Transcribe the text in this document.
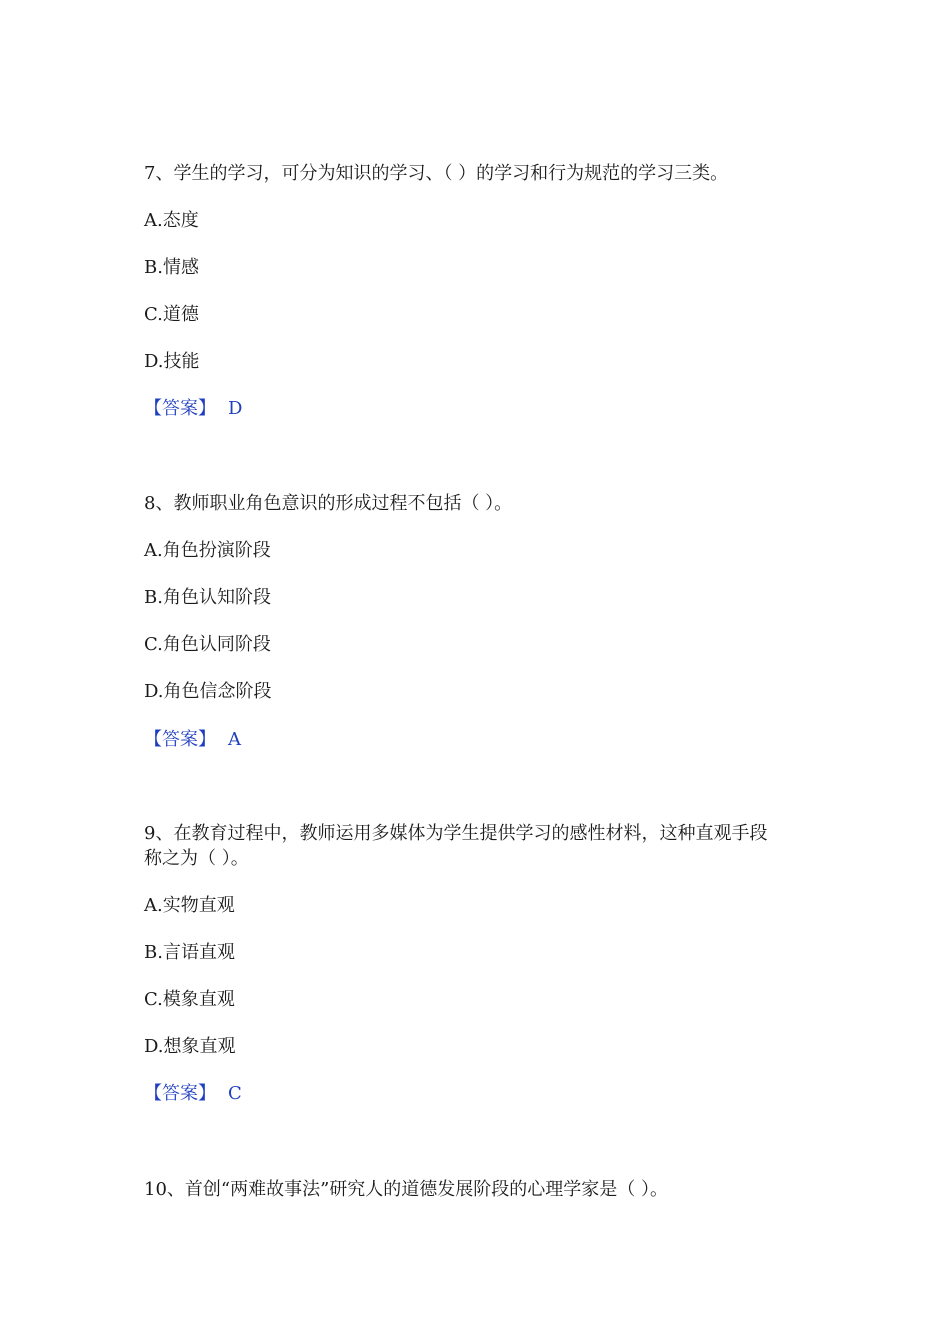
7、学生的学习，可分为知识的学习、（ ）的学习和行为规范的学习三类。
A.态度
B.情感
C.道德
D.技能
【答案】 D
8、教师职业角色意识的形成过程不包括（ ）。
A.角色扮演阶段
B.角色认知阶段
C.角色认同阶段
D.角色信念阶段
【答案】 A
9、在教育过程中，教师运用多媒体为学生提供学习的感性材料，这种直观手段
称之为（ ）。
A.实物直观
B.言语直观
C.模象直观
D.想象直观
【答案】 C
10、首创“两难故事法”研究人的道德发展阶段的心理学家是（ ）。
